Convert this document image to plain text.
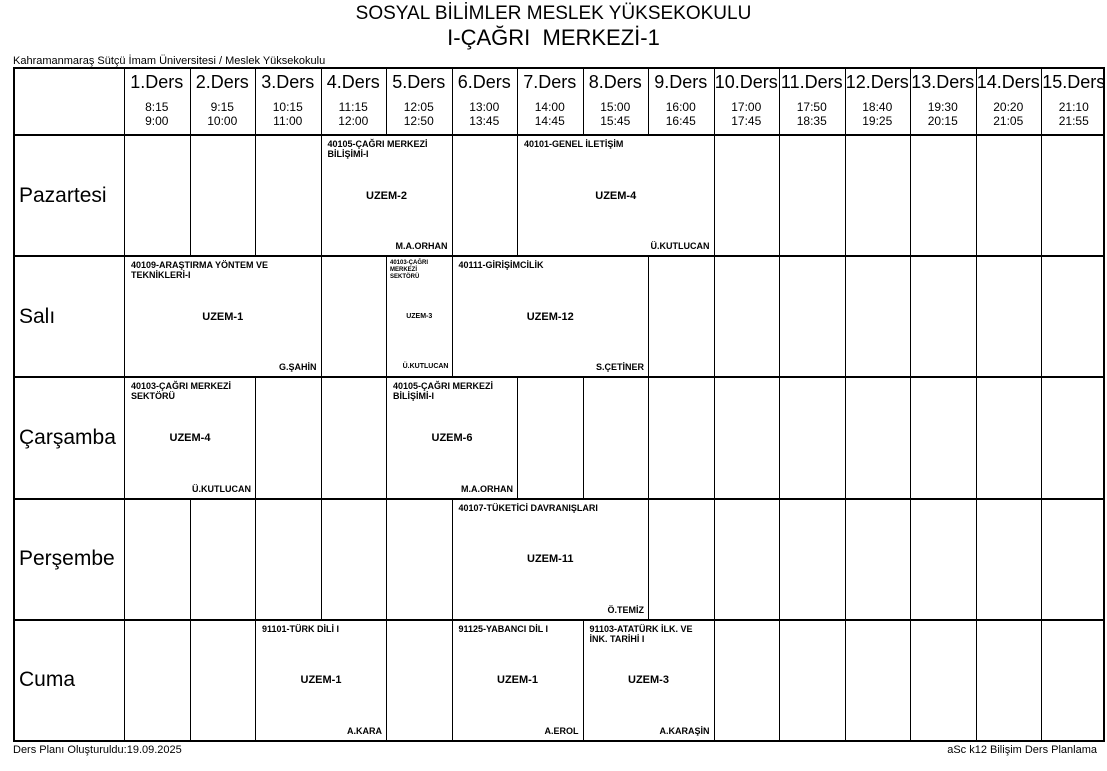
SOSYAL BİLİMLER MESLEK YÜKSEKOKULU
I-ÇAĞRI  MERKEZİ-1
Kahramanmaraş Sütçü İmam Üniversitesi / Meslek Yüksekokulu
1.Ders
8:15
9:00
2.Ders
9:15
10:00
3.Ders
10:15
11:00
4.Ders
11:15
12:00
5.Ders
12:05
12:50
6.Ders
13:00
13:45
7.Ders
14:00
14:45
8.Ders
15:00
15:45
9.Ders
16:00
16:45
10.Ders
17:00
17:45
11.Ders
17:50
18:35
12.Ders
18:40
19:25
13.Ders
19:30
20:15
14.Ders
20:20
21:05
15.Ders
21:10
21:55
Pazartesi
Salı
Çarşamba
Perşembe
Cuma
40105-ÇAĞRI MERKEZİ BİLİŞİMİ-I
UZEM-2
M.A.ORHAN
40101-GENEL İLETİŞİM
UZEM-4
Ü.KUTLUCAN
40109-ARAŞTIRMA YÖNTEM VE TEKNİKLERİ-I
UZEM-1
G.ŞAHİN
40103-ÇAĞRI MERKEZİ SEKTÖRÜ
UZEM-3
Ü.KUTLUCAN
40111-GİRİŞİMCİLİK
UZEM-12
S.ÇETİNER
40103-ÇAĞRI MERKEZİ SEKTÖRÜ
UZEM-4
Ü.KUTLUCAN
40105-ÇAĞRI MERKEZİ BİLİŞİMİ-I
UZEM-6
M.A.ORHAN
40107-TÜKETİCİ DAVRANIŞLARI
UZEM-11
Ö.TEMİZ
91101-TÜRK DİLİ I
UZEM-1
A.KARA
91125-YABANCI DİL I
UZEM-1
A.EROL
91103-ATATÜRK İLK. VE İNK. TARİHİ I
UZEM-3
A.KARAŞİN
Ders Planı Oluşturuldu:19.09.2025	aSc k12 Bilişim Ders Planlama
